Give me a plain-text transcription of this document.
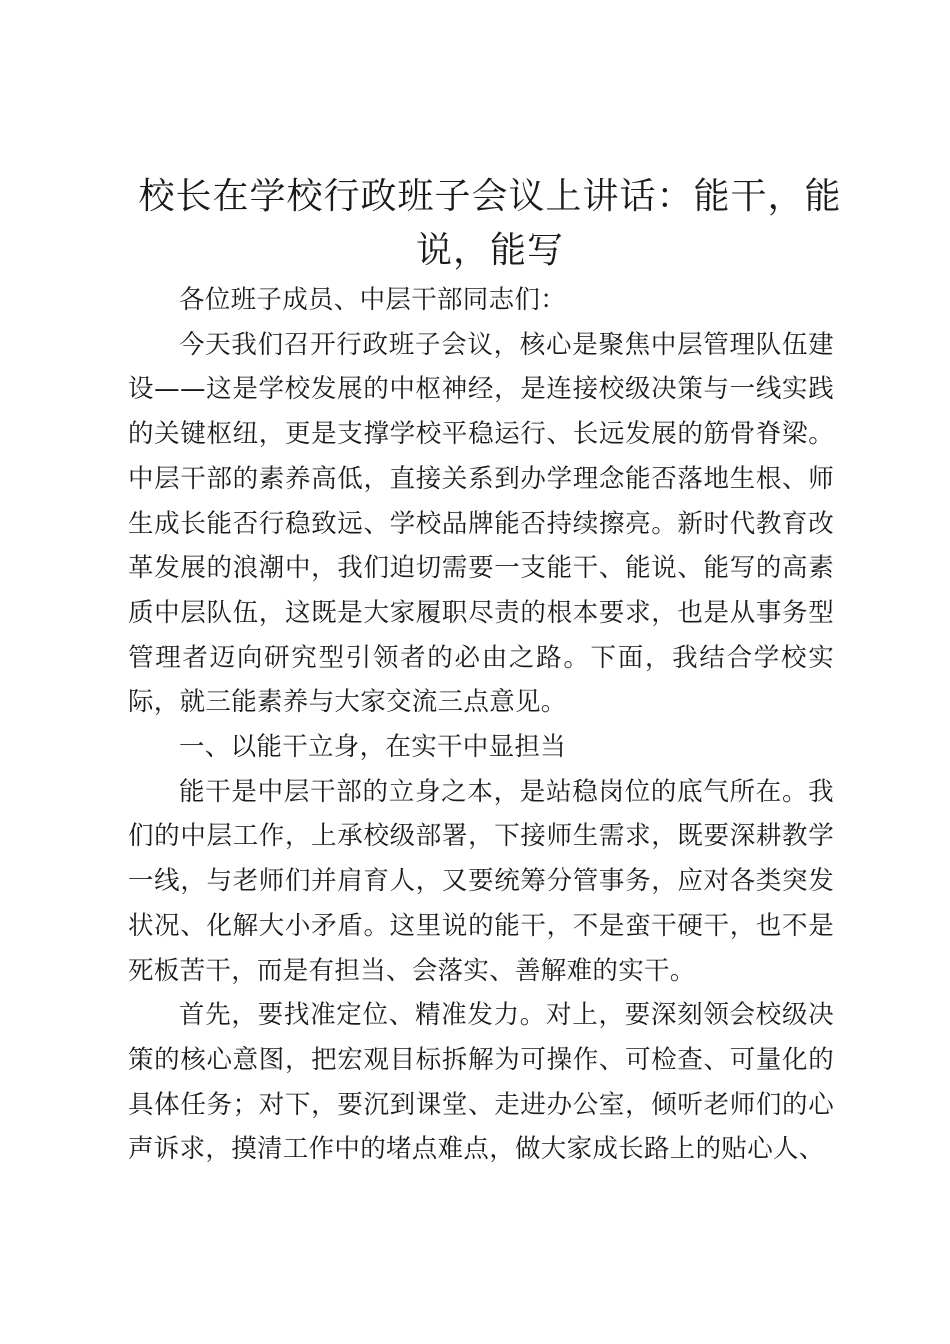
校长在学校行政班子会议上讲话：能干，能说，能写

各位班子成员、中层干部同志们：

今天我们召开行政班子会议，核心是聚焦中层管理队伍建设——这是学校发展的中枢神经，是连接校级决策与一线实践的关键枢纽，更是支撑学校平稳运行、长远发展的筋骨脊梁。中层干部的素养高低，直接关系到办学理念能否落地生根、师生成长能否行稳致远、学校品牌能否持续擦亮。新时代教育改革发展的浪潮中，我们迫切需要一支能干、能说、能写的高素质中层队伍，这既是大家履职尽责的根本要求，也是从事务型管理者迈向研究型引领者的必由之路。下面，我结合学校实际，就三能素养与大家交流三点意见。

一、以能干立身，在实干中显担当

能干是中层干部的立身之本，是站稳岗位的底气所在。我们的中层工作，上承校级部署，下接师生需求，既要深耕教学一线，与老师们并肩育人，又要统筹分管事务，应对各类突发状况、化解大小矛盾。这里说的能干，不是蛮干硬干，也不是死板苦干，而是有担当、会落实、善解难的实干。

首先，要找准定位、精准发力。对上，要深刻领会校级决策的核心意图，把宏观目标拆解为可操作、可检查、可量化的具体任务；对下，要沉到课堂、走进办公室，倾听老师们的心声诉求，摸清工作中的堵点难点，做大家成长路上的贴心人、
